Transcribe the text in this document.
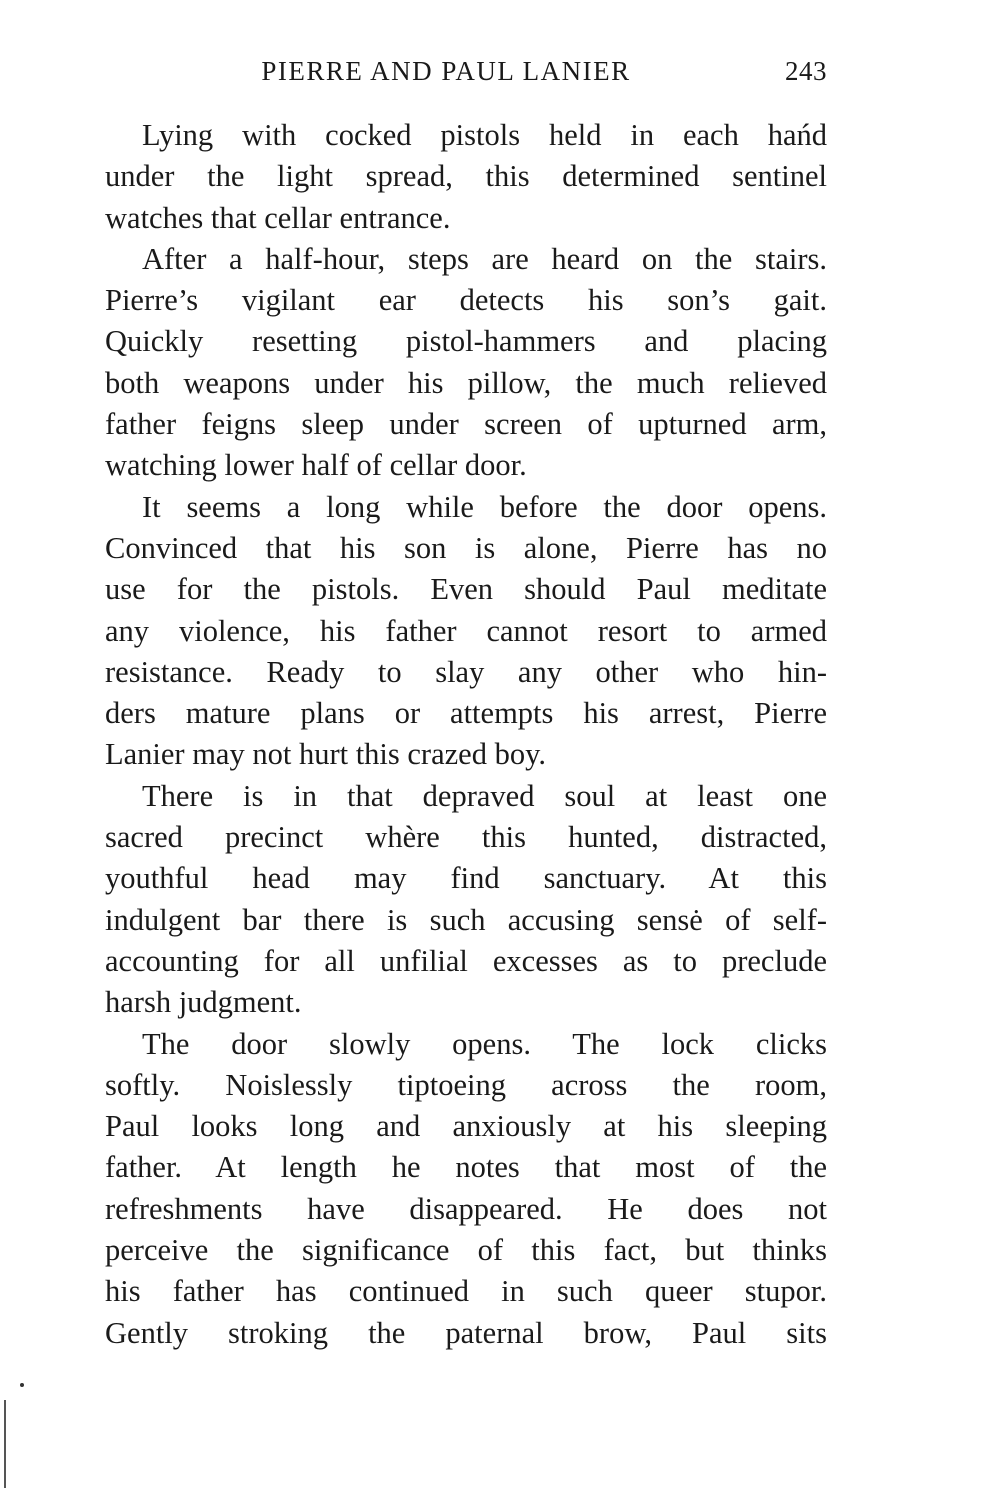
PIERRE AND PAUL LANIER	243
Lying with cocked pistols held in each hańd
under the light spread, this determined sentinel
watches that cellar entrance.
After a half-hour, steps are heard on the stairs.
Pierre’s vigilant ear detects his son’s gait.
Quickly resetting pistol-hammers and placing
both weapons under his pillow, the much relieved
father feigns sleep under screen of upturned arm,
watching lower half of cellar door.
It seems a long while before the door opens.
Convinced that his son is alone, Pierre has no
use for the pistols. Even should Paul meditate
any violence, his father cannot resort to armed
resistance. Ready to slay any other who hin-
ders mature plans or attempts his arrest, Pierre
Lanier may not hurt this crazed boy.
There is in that depraved soul at least one
sacred precinct whère this hunted, distracted,
youthful head may find sanctuary. At this
indulgent bar there is such accusing sensė of self-
accounting for all unfilial excesses as to preclude
harsh judgment.
The door slowly opens. The lock clicks
softly. Noislessly tiptoeing across the room,
Paul looks long and anxiously at his sleeping
father. At length he notes that most of the
refreshments have disappeared. He does not
perceive the significance of this fact, but thinks
his father has continued in such queer stupor.
Gently stroking the paternal brow, Paul sits
